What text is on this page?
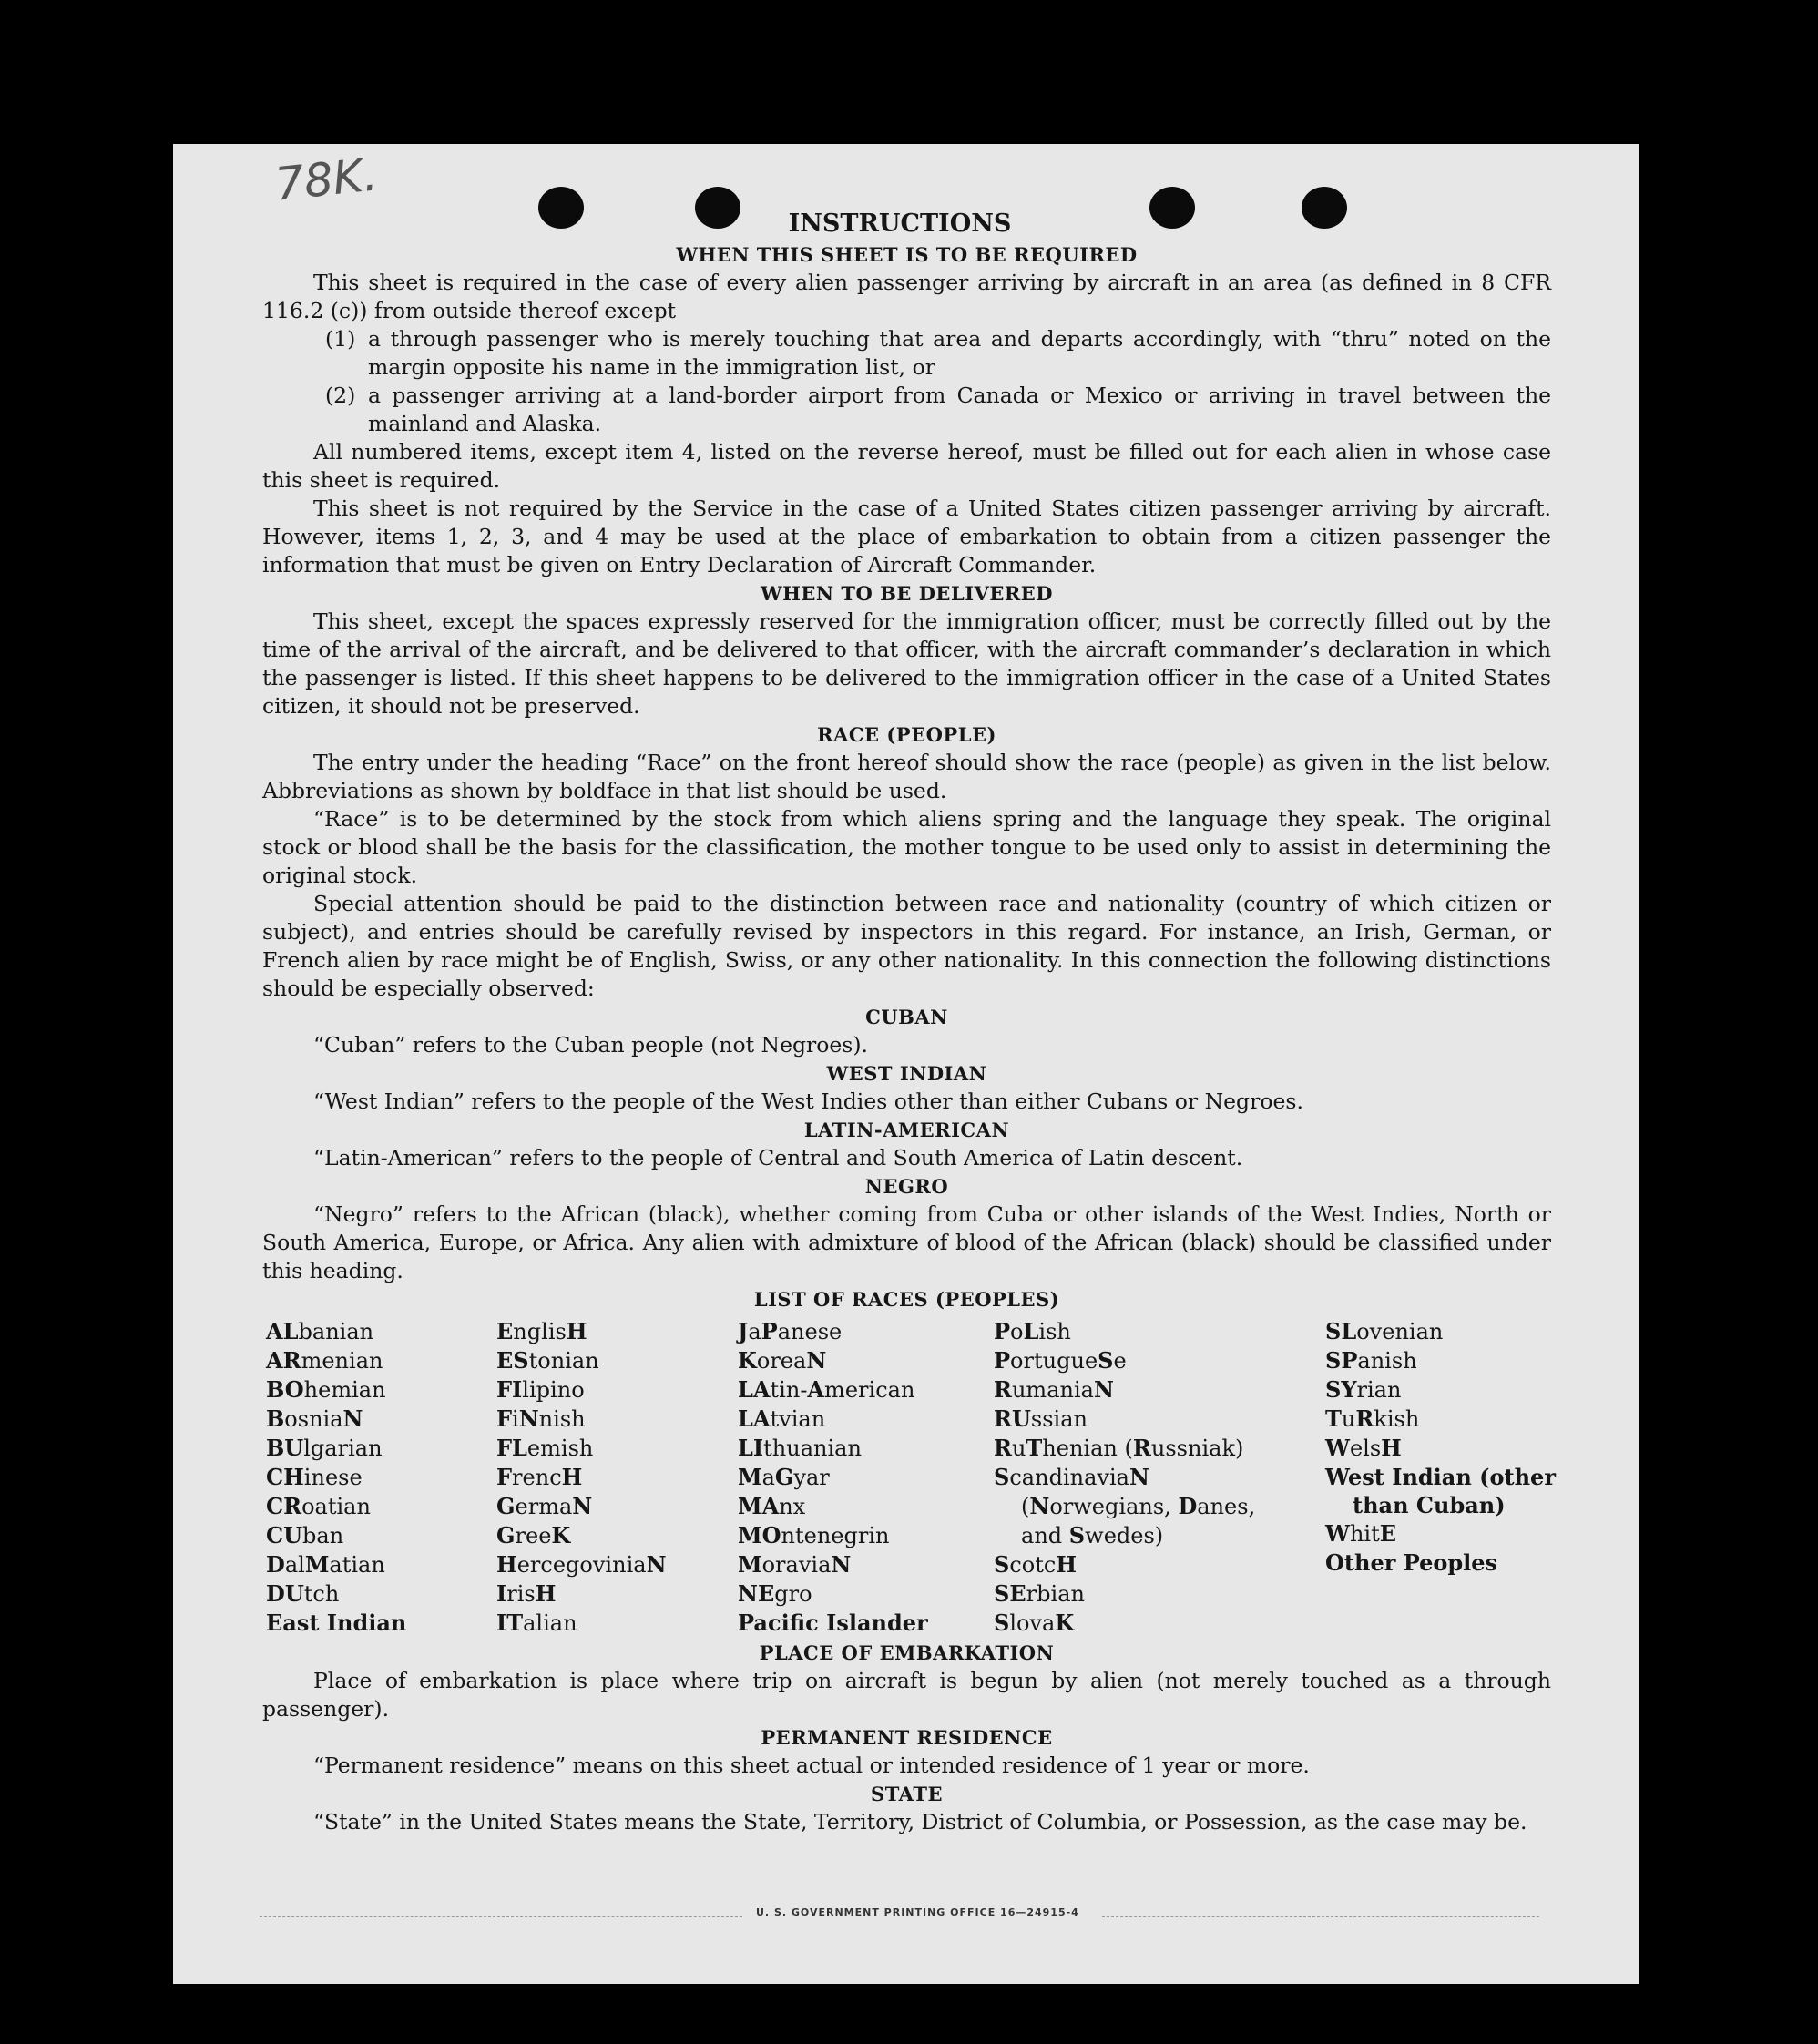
78K.
INSTRUCTIONS
WHEN THIS SHEET IS TO BE REQUIRED

This sheet is required in the case of every alien passenger arriving by aircraft in an area (as defined in 8 CFR 116.2 (c)) from outside thereof except

(1) a through passenger who is merely touching that area and departs accordingly, with “thru” noted on the margin opposite his name in the immigration list, or
(2) a passenger arriving at a land-border airport from Canada or Mexico or arriving in travel between the mainland and Alaska.

All numbered items, except item 4, listed on the reverse hereof, must be filled out for each alien in whose case this sheet is required.

This sheet is not required by the Service in the case of a United States citizen passenger arriving by aircraft. However, items 1, 2, 3, and 4 may be used at the place of embarkation to obtain from a citizen passenger the information that must be given on Entry Declaration of Aircraft Commander.

WHEN TO BE DELIVERED

This sheet, except the spaces expressly reserved for the immigration officer, must be correctly filled out by the time of the arrival of the aircraft, and be delivered to that officer, with the aircraft commander’s declaration in which the passenger is listed. If this sheet happens to be delivered to the immigration officer in the case of a United States citizen, it should not be preserved.

RACE (PEOPLE)

The entry under the heading “Race” on the front hereof should show the race (people) as given in the list below. Abbreviations as shown by boldface in that list should be used.

“Race” is to be determined by the stock from which aliens spring and the language they speak. The original stock or blood shall be the basis for the classification, the mother tongue to be used only to assist in determining the original stock.

Special attention should be paid to the distinction between race and nationality (country of which citizen or subject), and entries should be carefully revised by inspectors in this regard. For instance, an Irish, German, or French alien by race might be of English, Swiss, or any other nationality. In this connection the following distinctions should be especially observed:

CUBAN

“Cuban” refers to the Cuban people (not Negroes).

WEST INDIAN

“West Indian” refers to the people of the West Indies other than either Cubans or Negroes.

LATIN-AMERICAN

“Latin-American” refers to the people of Central and South America of Latin descent.

NEGRO

“Negro” refers to the African (black), whether coming from Cuba or other islands of the West Indies, North or South America, Europe, or Africa. Any alien with admixture of blood of the African (black) should be classified under this heading.

LIST OF RACES (PEOPLES)
ALbanian
ARmenian
BOhemian
BosniaN
BUlgarian
CHinese
CRoatian
CUban
DalMatian
DUtch
East Indian
EnglisH
EStonian
FIlipino
FiNnish
FLemish
FrencH
GermaN
GreeK
HercegoviniaN
IrisH
ITalian
JaPanese
KoreaN
LAtin-American
LAtvian
LIthuanian
MaGyar
MAnx
MOntenegrin
MoraviaN
NEgro
Pacific Islander
PoLish
PortugueSe
RumaniaN
RUssian
RuThenian (Russniak)
ScandinaviaN (Norwegians, Danes, and Swedes)
ScotcH
SErbian
SlovaK
SLovenian
SPanish
SYrian
TuRkish
WelsH
West Indian (other than Cuban)
WhitE
Other Peoples
PLACE OF EMBARKATION

Place of embarkation is place where trip on aircraft is begun by alien (not merely touched as a through passenger).

PERMANENT RESIDENCE

“Permanent residence” means on this sheet actual or intended residence of 1 year or more.

STATE

“State” in the United States means the State, Territory, District of Columbia, or Possession, as the case may be.

U. S. GOVERNMENT PRINTING OFFICE 16—24915-4
